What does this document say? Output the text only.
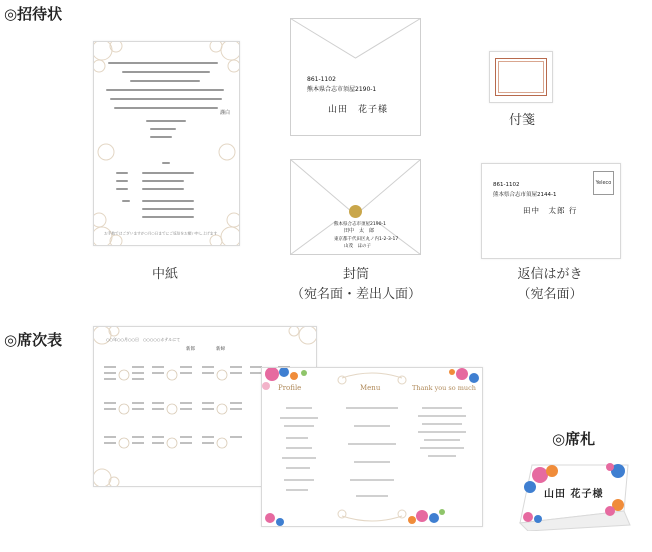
◎招待状
◎席次表
◎席札
謹白
お手数ではございますが○月○日までにご返信をお願い申し上げます
中紙
861-1102
熊本県合志市須屋2190-1
山田　花子様
熊本県合志市須屋2190-1
田中　太　郎
東京都千代田区丸ノ内1-2-3-17
山茂　ほの子
封筒
（宛名面・差出人面）
付箋
Yeleco
861-1102
熊本県合志市須屋2144-1
田中　太郎 行
返信はがき
（宛名面）
○○年○○月○○日　○○○○○ホテルにて
新郎	新婦
Profile	Menu	Thank you so much
山田 花子様
